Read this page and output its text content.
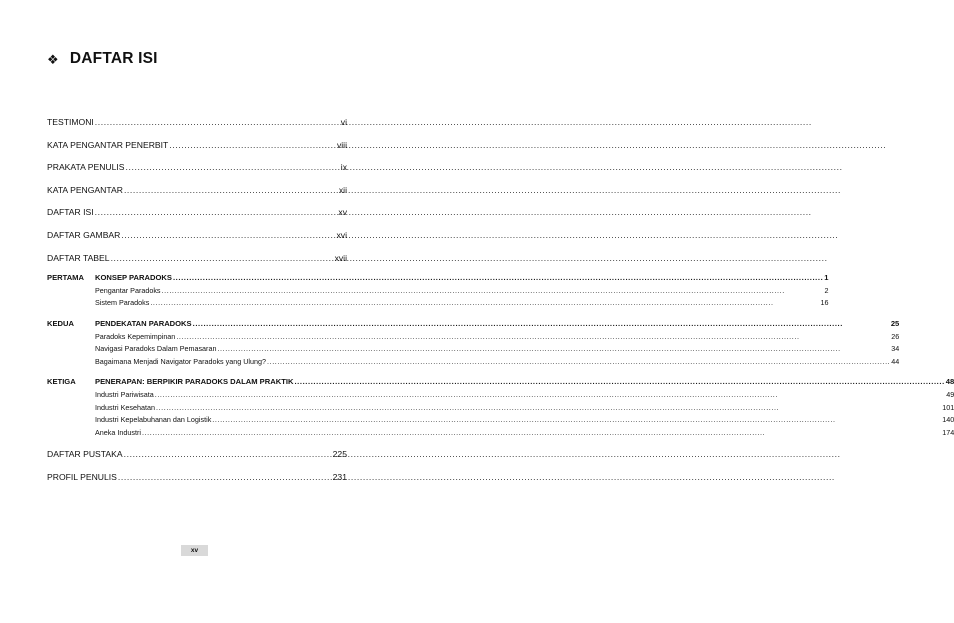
❖ DAFTAR ISI
TESTIMONI .....	vi
KATA PENGANTAR PENERBIT .....	viii
PRAKATA PENULIS .....	ix
KATA PENGANTAR .....	xii
DAFTAR ISI .....	xv
DAFTAR GAMBAR .....	xvi
DAFTAR TABEL .....	xvii
PERTAMA	KONSEP PARADOKS .....	1
Pengantar Paradoks .....	2
Sistem Paradoks .....	16
KEDUA	PENDEKATAN PARADOKS .....	25
Paradoks Kepemimpinan .....	26
Navigasi Paradoks Dalam Pemasaran .....	34
Bagaimana Menjadi Navigator Paradoks yang Ulung? .....	44
KETIGA	PENERAPAN: BERPIKIR PARADOKS DALAM PRAKTIK .....	48
Industri Pariwisata .....	49
Industri Kesehatan .....	101
Industri Kepelabuhanan dan Logistik .....	140
Aneka Industri .....	174
DAFTAR PUSTAKA .....	225
PROFIL PENULIS .....	231
xv
